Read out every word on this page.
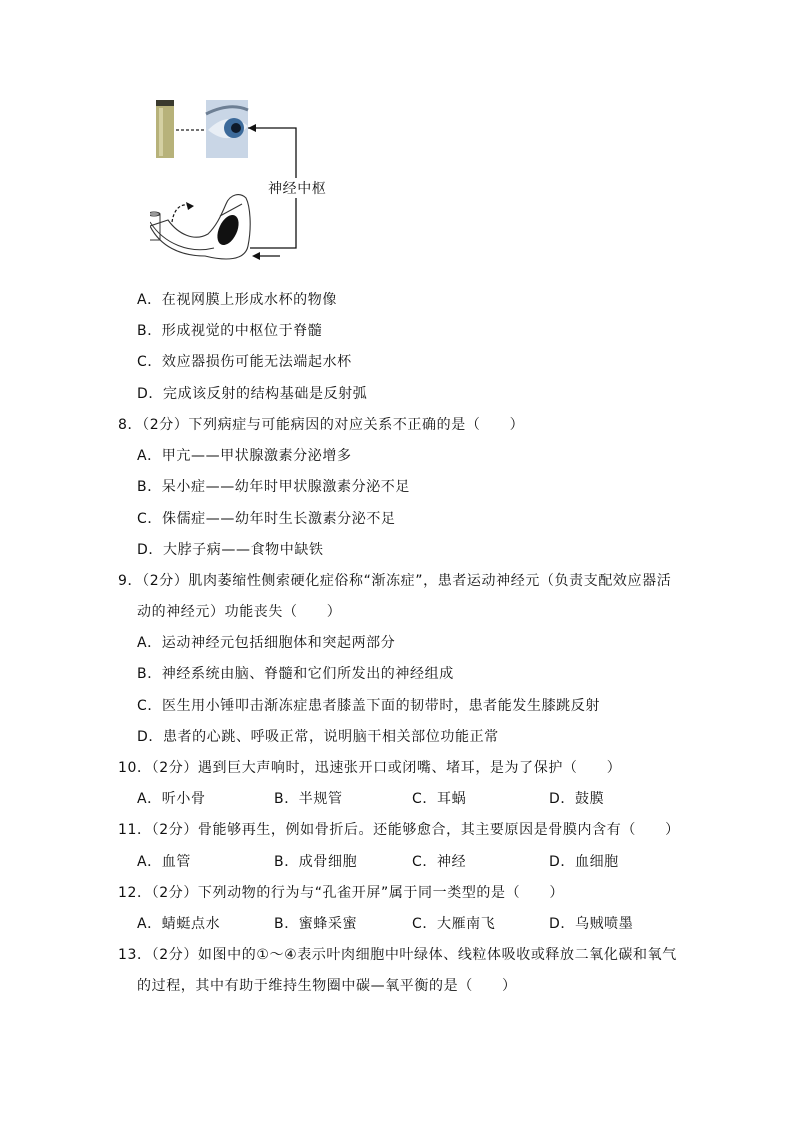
神经中枢
A．在视网膜上形成水杯的物像
B．形成视觉的中枢位于脊髓
C．效应器损伤可能无法端起水杯
D．完成该反射的结构基础是反射弧
8．（2分）下列病症与可能病因的对应关系不正确的是（　　）
A．甲亢——甲状腺激素分泌增多
B．呆小症——幼年时甲状腺激素分泌不足
C．侏儒症——幼年时生长激素分泌不足
D．大脖子病——食物中缺铁
9．（2分）肌肉萎缩性侧索硬化症俗称“渐冻症”，患者运动神经元（负责支配效应器活
动的神经元）功能丧失（　　）
A．运动神经元包括细胞体和突起两部分
B．神经系统由脑、脊髓和它们所发出的神经组成
C．医生用小锤叩击渐冻症患者膝盖下面的韧带时，患者能发生膝跳反射
D．患者的心跳、呼吸正常，说明脑干相关部位功能正常
10．（2分）遇到巨大声响时，迅速张开口或闭嘴、堵耳，是为了保护（　　）
A．听小骨	B．半规管	C．耳蜗	D．鼓膜
11．（2分）骨能够再生，例如骨折后。还能够愈合，其主要原因是骨膜内含有（　　）
A．血管	B．成骨细胞	C．神经	D．血细胞
12．（2分）下列动物的行为与“孔雀开屏”属于同一类型的是（　　）
A．蜻蜓点水	B．蜜蜂采蜜	C．大雁南飞	D．乌贼喷墨
13．（2分）如图中的①～④表示叶肉细胞中叶绿体、线粒体吸收或释放二氧化碳和氧气
的过程，其中有助于维持生物圈中碳—氧平衡的是（　　）
